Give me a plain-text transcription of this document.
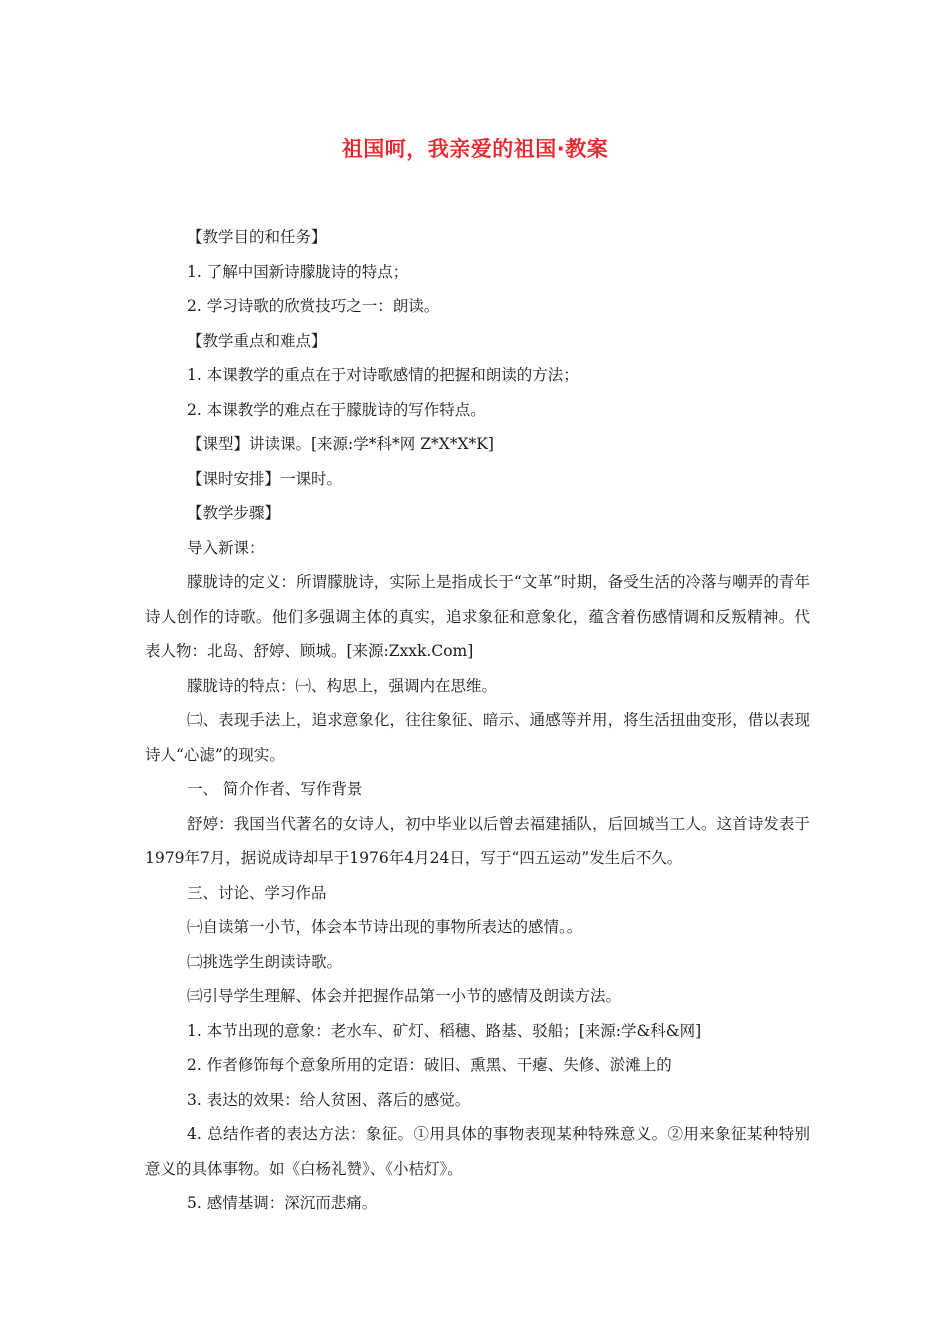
祖国呵，我亲爱的祖国·教案

【教学目的和任务】

1. 了解中国新诗朦胧诗的特点；

2. 学习诗歌的欣赏技巧之一：朗读。

【教学重点和难点】

1. 本课教学的重点在于对诗歌感情的把握和朗读的方法；

2. 本课教学的难点在于朦胧诗的写作特点。

【课型】讲读课。[来源:学*科*网 Z*X*X*K]

【课时安排】一课时。

【教学步骤】

导入新课：

朦胧诗的定义：所谓朦胧诗，实际上是指成长于“文革”时期，备受生活的冷落与嘲弄的青年诗人创作的诗歌。他们多强调主体的真实，追求象征和意象化，蕴含着伤感情调和反叛精神。代表人物：北岛、舒婷、顾城。[来源:Zxxk.Com]

朦胧诗的特点：㈠、构思上，强调内在思维。

㈡、表现手法上，追求意象化，往往象征、暗示、通感等并用，将生活扭曲变形，借以表现诗人“心滤”的现实。

一、 简介作者、写作背景

舒婷：我国当代著名的女诗人，初中毕业以后曾去福建插队，后回城当工人。这首诗发表于1979年7月，据说成诗却早于1976年4月24日，写于“四五运动”发生后不久。

三、讨论、学习作品

㈠自读第一小节，体会本节诗出现的事物所表达的感情。。

㈡挑选学生朗读诗歌。

㈢引导学生理解、体会并把握作品第一小节的感情及朗读方法。

1. 本节出现的意象：老水车、矿灯、稻穗、路基、驳船；[来源:学&科&网]

2. 作者修饰每个意象所用的定语：破旧、熏黑、干瘪、失修、淤滩上的

3. 表达的效果：给人贫困、落后的感觉。

4. 总结作者的表达方法：象征。①用具体的事物表现某种特殊意义。②用来象征某种特别意义的具体事物。如《白杨礼赞》、《小桔灯》。

5. 感情基调：深沉而悲痛。
